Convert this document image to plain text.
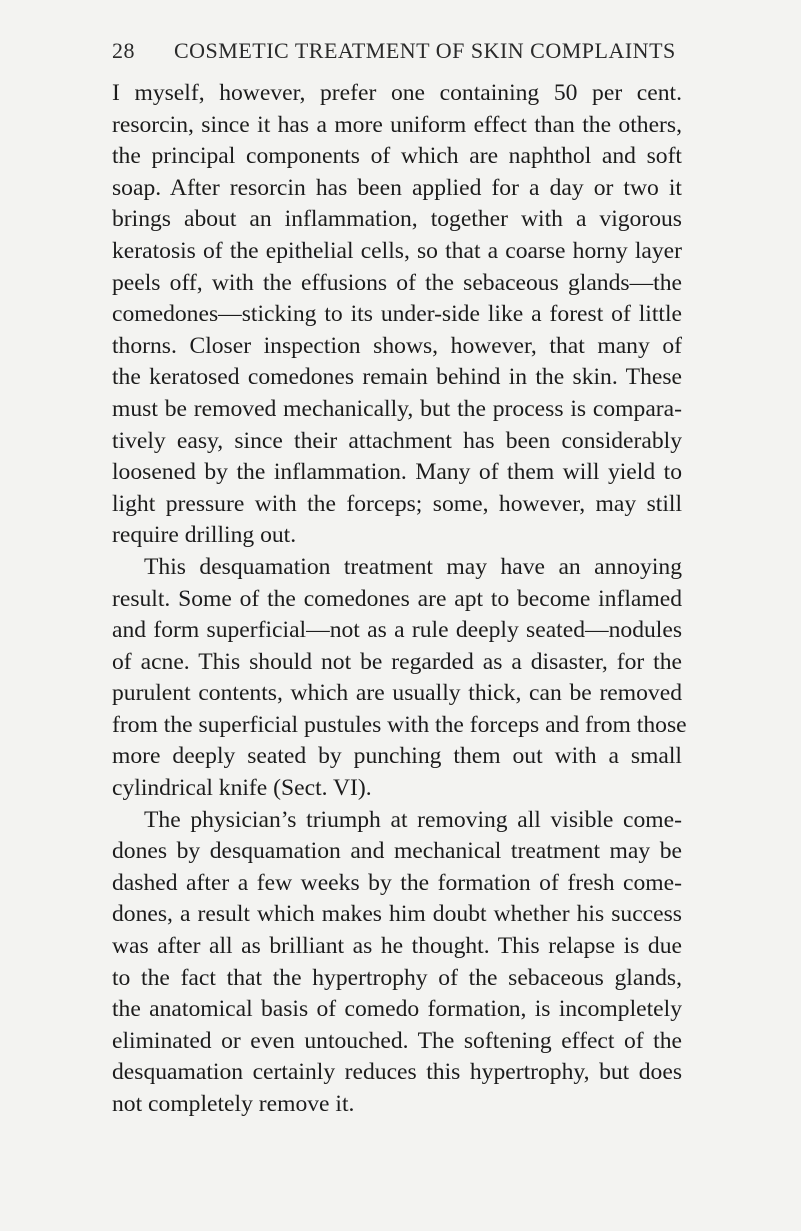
28 COSMETIC TREATMENT OF SKIN COMPLAINTS
I myself, however, prefer one containing 50 per cent.
resorcin, since it has a more uniform effect than the others,
the principal components of which are naphthol and soft
soap. After resorcin has been applied for a day or two it
brings about an inflammation, together with a vigorous
keratosis of the epithelial cells, so that a coarse horny layer
peels off, with the effusions of the sebaceous glands—the
comedones—sticking to its under-side like a forest of little
thorns. Closer inspection shows, however, that many of
the keratosed comedones remain behind in the skin. These
must be removed mechanically, but the process is compara-
tively easy, since their attachment has been considerably
loosened by the inflammation. Many of them will yield to
light pressure with the forceps; some, however, may still
require drilling out.
This desquamation treatment may have an annoying
result. Some of the comedones are apt to become inflamed
and form superficial—not as a rule deeply seated—nodules
of acne. This should not be regarded as a disaster, for the
purulent contents, which are usually thick, can be removed
from the superficial pustules with the forceps and from those
more deeply seated by punching them out with a small
cylindrical knife (Sect. VI).
The physician’s triumph at removing all visible come-
dones by desquamation and mechanical treatment may be
dashed after a few weeks by the formation of fresh come-
dones, a result which makes him doubt whether his success
was after all as brilliant as he thought. This relapse is due
to the fact that the hypertrophy of the sebaceous glands,
the anatomical basis of comedo formation, is incompletely
eliminated or even untouched. The softening effect of the
desquamation certainly reduces this hypertrophy, but does
not completely remove it.
